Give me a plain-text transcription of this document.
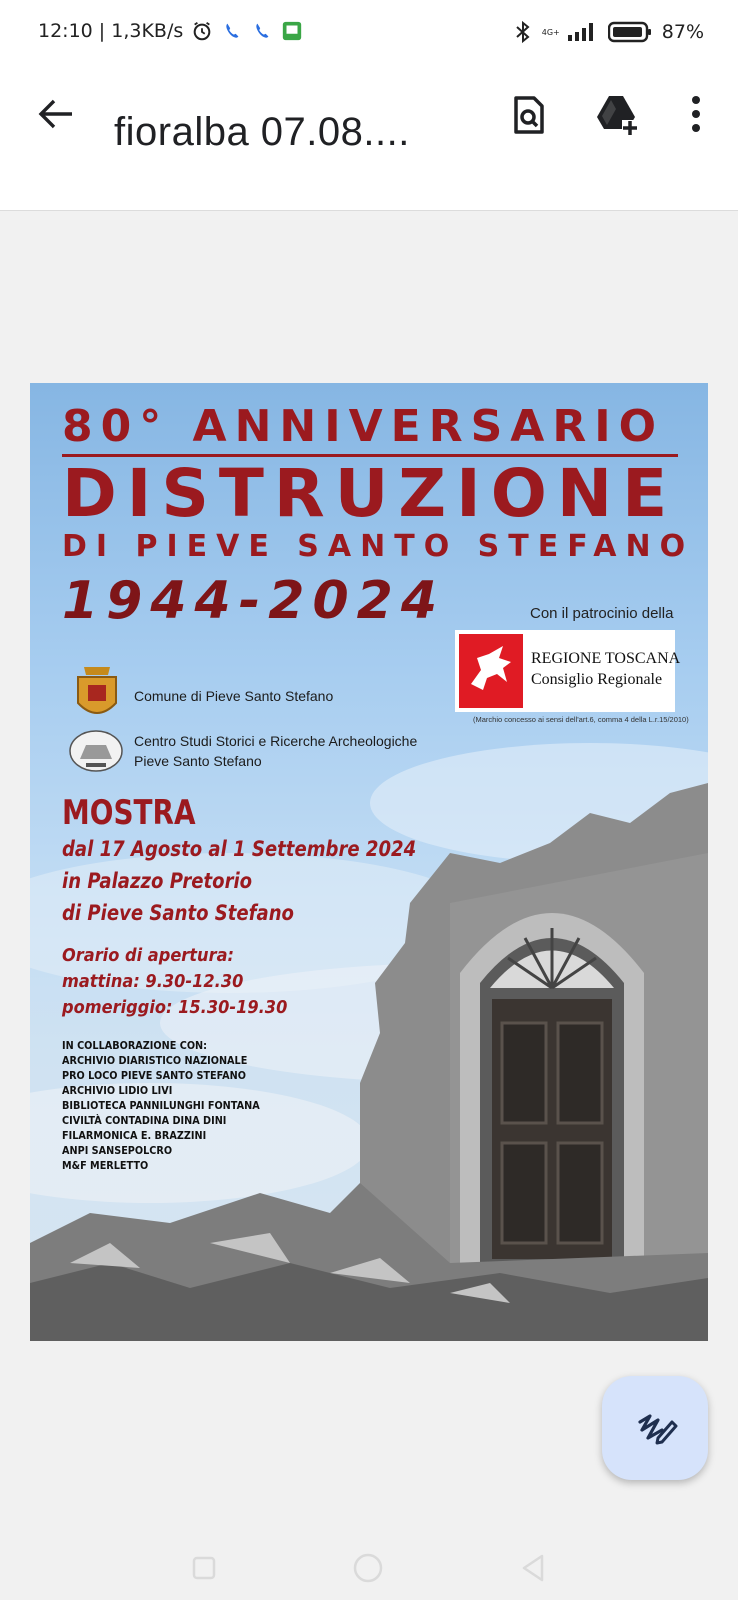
12:10 | 1,3KB/s	4G+	87%
fioralba 07.08....
80° ANNIVERSARIO
DISTRUZIONE
DI PIEVE SANTO STEFANO
1944-2024	Con il patrocinio della
REGIONE TOSCANA
Consiglio Regionale
(Marchio concesso ai sensi dell'art.6, comma 4 della L.r.15/2010)
Comune di Pieve Santo Stefano
Centro Studi Storici e Ricerche Archeologiche
Pieve Santo Stefano
MOSTRA
dal 17 Agosto al 1 Settembre 2024
in Palazzo Pretorio
di Pieve Santo Stefano
Orario di apertura:
mattina: 9.30-12.30
pomeriggio: 15.30-19.30
IN COLLABORAZIONE CON:
ARCHIVIO DIARISTICO NAZIONALE
PRO LOCO PIEVE SANTO STEFANO
ARCHIVIO LIDIO LIVI
BIBLIOTECA PANNILUNGHI FONTANA
CIVILTÀ CONTADINA DINA DINI
FILARMONICA E. BRAZZINI
ANPI SANSEPOLCRO
M&F MERLETTO
